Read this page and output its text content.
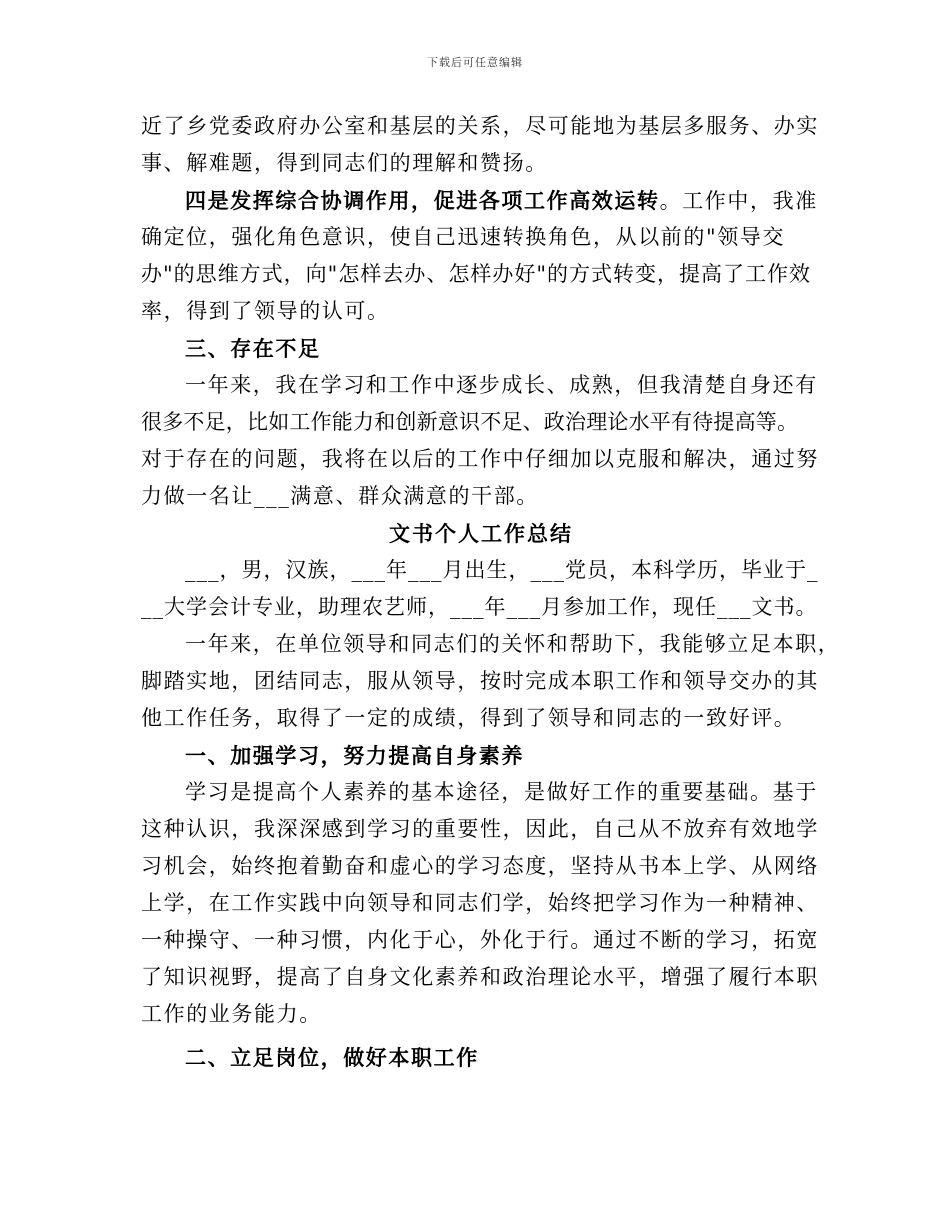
下载后可任意编辑
近了乡党委政府办公室和基层的关系，尽可能地为基层多服务、办实
事、解难题，得到同志们的理解和赞扬。
四是发挥综合协调作用，促进各项工作高效运转。工作中，我准
确定位，强化角色意识，使自己迅速转换角色，从以前的"领导交
办"的思维方式，向"怎样去办、怎样办好"的方式转变，提高了工作效
率，得到了领导的认可。
三、存在不足
一年来，我在学习和工作中逐步成长、成熟，但我清楚自身还有
很多不足，比如工作能力和创新意识不足、政治理论水平有待提高等。
对于存在的问题，我将在以后的工作中仔细加以克服和解决，通过努
力做一名让___满意、群众满意的干部。
文书个人工作总结
___，男，汉族，___年___月出生，___党员，本科学历，毕业于_
__大学会计专业，助理农艺师，___年___月参加工作，现任___文书。
一年来，在单位领导和同志们的关怀和帮助下，我能够立足本职，
脚踏实地，团结同志，服从领导，按时完成本职工作和领导交办的其
他工作任务，取得了一定的成绩，得到了领导和同志的一致好评。
一、加强学习，努力提高自身素养
学习是提高个人素养的基本途径，是做好工作的重要基础。基于
这种认识，我深深感到学习的重要性，因此，自己从不放弃有效地学
习机会，始终抱着勤奋和虚心的学习态度，坚持从书本上学、从网络
上学，在工作实践中向领导和同志们学，始终把学习作为一种精神、
一种操守、一种习惯，内化于心，外化于行。通过不断的学习，拓宽
了知识视野，提高了自身文化素养和政治理论水平，增强了履行本职
工作的业务能力。
二、立足岗位，做好本职工作
